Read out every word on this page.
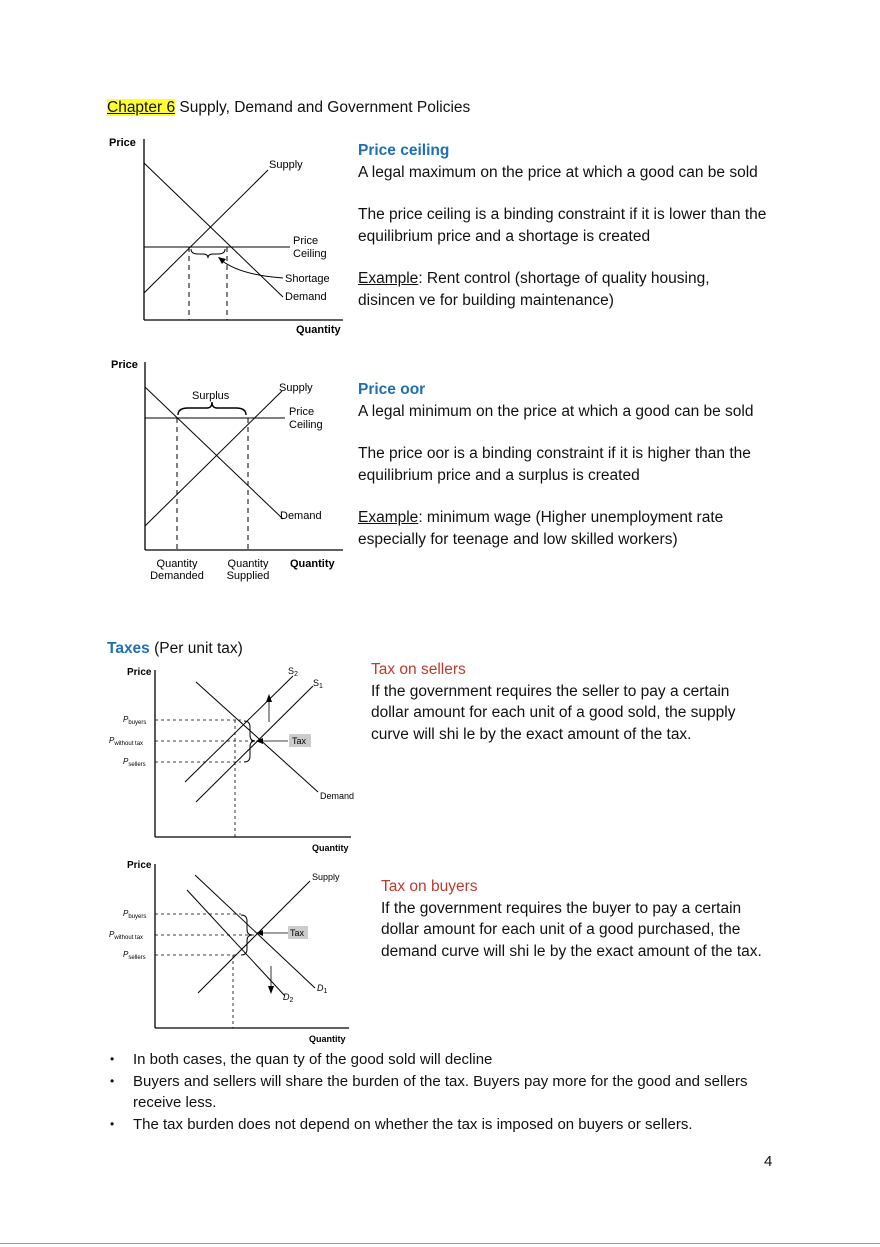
Chapter 6 Supply, Demand and Government Policies
Price
Supply
Price
Ceiling
Shortage
Demand
Quantity
Price ceiling
A legal maximum on the price at which a good can be sold
The price ceiling is a binding constraint if it is lower than the equilibrium price and a shortage is created
Example: Rent control (shortage of quality housing, disincen ve for building maintenance)
Price
Surplus
Supply
Price
Ceiling
Demand
Quantity
Demanded
Quantity
Supplied
Quantity
Price oor
A legal minimum on the price at which a good can be sold
The price oor is a binding constraint if it is higher than the equilibrium price and a surplus is created
Example: minimum wage (Higher unemployment rate especially for teenage and low skilled workers)
Taxes (Per unit tax)
Price
Tax
$S_2$
$S_1$
$P_{buyers}$
$P_{without tax}$
$P_{sellers}$
Demand
Quantity
Tax on sellers
If the government requires the seller to pay a certain dollar amount for each unit of a good sold, the supply curve will shi le by the exact amount of the tax.
Price
Tax
Supply
$P_{buyers}$
$P_{without tax}$
$P_{sellers}$
$D_1$
$D_2$
Quantity
Tax on buyers
If the government requires the buyer to pay a certain dollar amount for each unit of a good purchased, the demand curve will shi le by the exact amount of the tax.
• In both cases, the quan ty of the good sold will decline
• Buyers and sellers will share the burden of the tax. Buyers pay more for the good and sellers receive less.
• The tax burden does not depend on whether the tax is imposed on buyers or sellers.
4
